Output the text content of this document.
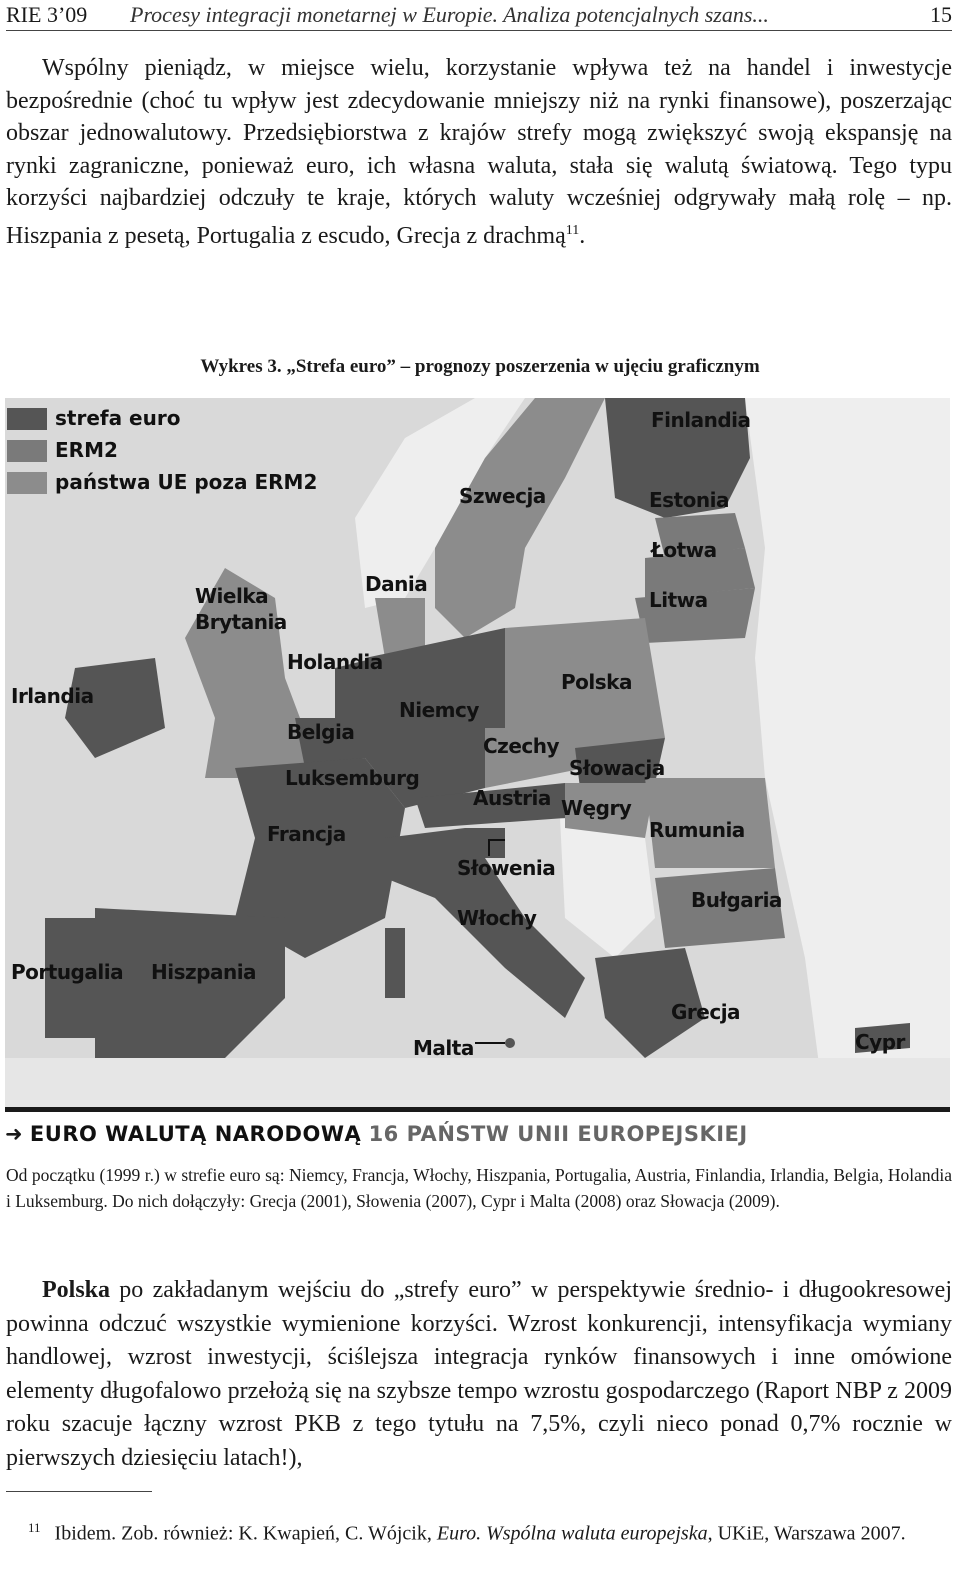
RIE 3’09 Procesy integracji monetarnej w Europie. Analiza potencjalnych szans...	15

Wspólny pieniądz, w miejsce wielu, korzystanie wpływa też na handel i inwestycje bezpośrednie (choć tu wpływ jest zdecydowanie mniejszy niż na rynki finansowe), poszerzając obszar jednowalutowy. Przedsiębiorstwa z krajów strefy mogą zwiększyć swoją ekspansję na rynki zagraniczne, ponieważ euro, ich własna waluta, stała się walutą światową. Tego typu korzyści najbardziej odczuły te kraje, których waluty wcześniej odgrywały małą rolę – np. Hiszpania z pesetą, Portugalia z escudo, Grecja z drachmą$^{11}$.

Wykres 3. „Strefa euro” – prognozy poszerzenia w ujęciu graficznym

strefa euro
ERM2
państwa UE poza ERM2
Finlandia
Szwecja	Estonia
Łotwa
Litwa
Dania
Wielka
Brytania
Holandia
Irlandia
Polska
Niemcy
Belgia
Czechy
Słowacja
Luksemburg
Austria Węgry
Francja	Rumunia
Słowenia
Bułgaria
Włochy
Portugalia Hiszpania
Grecja
Malta	Cypr
➜ EURO WALUTĄ NARODOWĄ 16 PAŃSTW UNII EUROPEJSKIEJ

Od początku (1999 r.) w strefie euro są: Niemcy, Francja, Włochy, Hiszpania, Portugalia, Austria, Finlandia, Irlandia, Belgia, Holandia i Luksemburg. Do nich dołączyły: Grecja (2001), Słowenia (2007), Cypr i Malta (2008) oraz Słowacja (2009).

Polska po zakładanym wejściu do „strefy euro” w perspektywie średnio- i długookresowej powinna odczuć wszystkie wymienione korzyści. Wzrost konkurencji, intensyfikacja wymiany handlowej, wzrost inwestycji, ściślejsza integracja rynków finansowych i inne omówione elementy długofalowo przełożą się na szybsze tempo wzrostu gospodarczego (Raport NBP z 2009 roku szacuje łączny wzrost PKB z tego tytułu na 7,5%, czyli nieco ponad 0,7% rocznie w pierwszych dziesięciu latach!),

$^{11}$ Ibidem. Zob. również: K. Kwapień, C. Wójcik, Euro. Wspólna waluta europejska, UKiE, Warszawa 2007.
